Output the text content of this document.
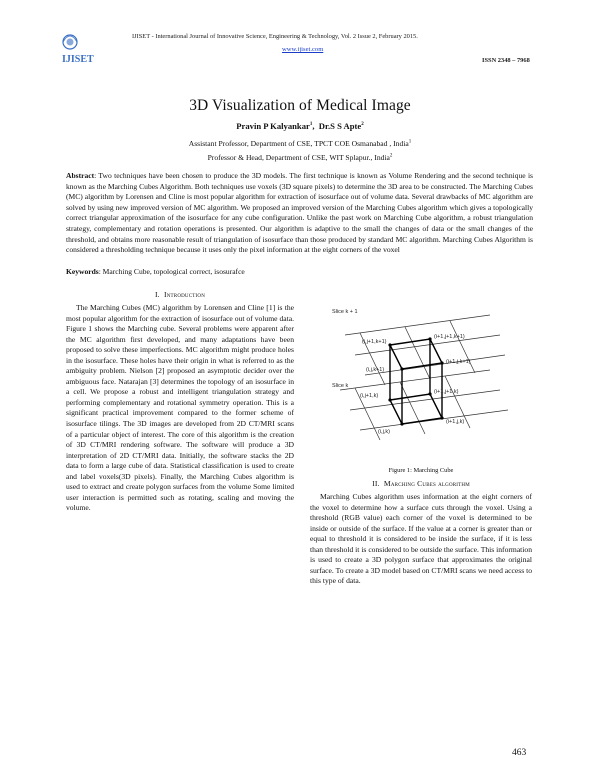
IJISET
IJISET - International Journal of Innovative Science, Engineering & Technology, Vol. 2 Issue 2, February 2015.
www.ijiset.com
ISSN 2348 – 7968
3D Visualization of Medical Image
Pravin P Kalyankar$^1$,  Dr.S S Apte$^2$
Assistant Professor, Department of CSE, TPCT COE Osmanabad , India$^1$
Professor & Head, Department of CSE, WIT Splapur., India$^2$
Abstract: Two techniques have been chosen to produce the 3D models. The first technique is known as Volume Rendering and the second technique is known as the Marching Cubes Algorithm. Both techniques use voxels (3D square pixels) to determine the 3D area to be constructed. The Marching Cubes (MC) algorithm by Lorensen and Cline is most popular algorithm for extraction of isosurface out of volume data. Several drawbacks of MC algorithm are solved by using new improved version of MC algorithm. We proposed an improved version of the Marching Cubes algorithm which gives a topologically correct triangular approximation of the isosurface for any cube configuration. Unlike the past work on Marching Cube algorithm, a robust triangulation strategy, complementary and rotation operations is presented. Our algorithm is adaptive to the small the changes of data or the small changes of the threshold, and obtains more reasonable result of triangulation of isosurface than those produced by standard MC algorithm. Marching Cubes Algorithm is considered a thresholding technique because it uses only the pixel information at the eight corners of the voxel
Keywords: Marching Cube, topological correct, isosurafce
I. Introduction

The Marching Cubes (MC) algorithm by Lorensen and Cline [1] is the most popular algorithm for the extraction of isosurface out of volume data. Figure 1 shows the Marching cube. Several problems were apparent after the MC algorithm first developed, and many adaptations have been proposed to solve these imperfections. MC algorithm might produce holes in the isosurface. These holes have their origin in what is referred to as the ambiguity problem. Nielson [2] proposed an asymptotic decider over the ambiguous face. Natarajan [3] determines the topology of an isosurface in a cell. We propose a robust and intelligent triangulation strategy and performing complementary and rotational symmetry operation. This is a significant practical improvement compared to the former scheme of isosurface tilings. The 3D images are developed from 2D CT/MRI scans of a particular object of interest. The core of this algorithm is the creation of 3D CT/MRI rendering software. The software will produce a 3D interpretation of 2D CT/MRI data. Initially, the software stacks the 2D data to form a large cube of data. Statistical classification is used to create and label voxels(3D pixels). Finally, the Marching Cubes algorithm is used to extract and create polygon surfaces from the volume Some limited user interaction is permitted such as rotating, scaling and moving the volume.

Slice k + 1
Slice k
(i,j+1,k+1)
(i+1,j+1,k+1)
(i,j,k+1)
(i+1,j,k+1)
(i,j+1,k)
(i+1,j+1,k)
(i,j,k)
(i+1,j,k)
Figure 1: Marching Cube
II. Marching Cubes algorithm

Marching Cubes algorithm uses information at the eight corners of the voxel to determine how a surface cuts through the voxel. Using a threshold (RGB value) each corner of the voxel is determined to be inside or outside of the surface. If the value at a corner is greater than or equal to threshold it is considered to be inside the surface, if it is less than threshold it is considered to be outside the surface. This information is used to create a 3D polygon surface that approximates the original surface. To create a 3D model based on CT/MRI scans we need access to this type of data.

463
